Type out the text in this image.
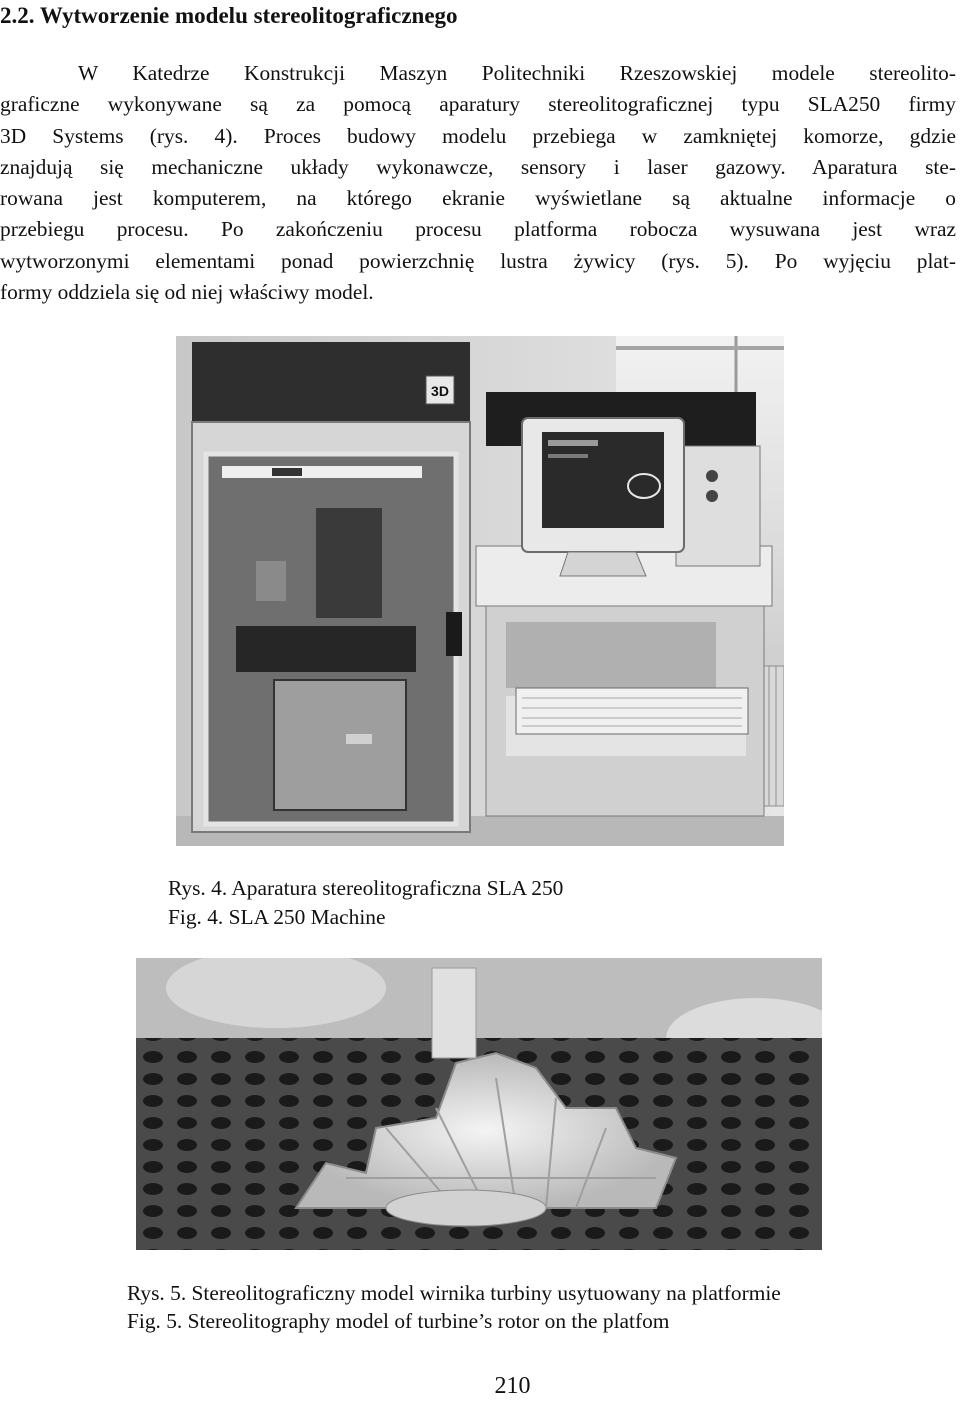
2.2. Wytworzenie modelu stereolitograficznego
W Katedrze Konstrukcji Maszyn Politechniki Rzeszowskiej modele stereolito-
graficzne wykonywane są za pomocą aparatury stereolitograficznej typu SLA250 firmy
3D Systems (rys. 4). Proces budowy modelu przebiega w zamkniętej komorze, gdzie
znajdują się mechaniczne układy wykonawcze, sensory i laser gazowy. Aparatura ste-
rowana jest komputerem, na którego ekranie wyświetlane są aktualne informacje o
przebiegu procesu. Po zakończeniu procesu platforma robocza wysuwana jest wraz
wytworzonymi elementami ponad powierzchnię lustra żywicy (rys. 5). Po wyjęciu plat-
formy oddziela się od niej właściwy model.
3D
Rys. 4. Aparatura stereolitograficzna SLA 250
Fig. 4. SLA 250 Machine
Rys. 5. Stereolitograficzny model wirnika turbiny usytuowany na platformie
Fig. 5. Stereolitography model of turbine’s rotor on the platfom
210
